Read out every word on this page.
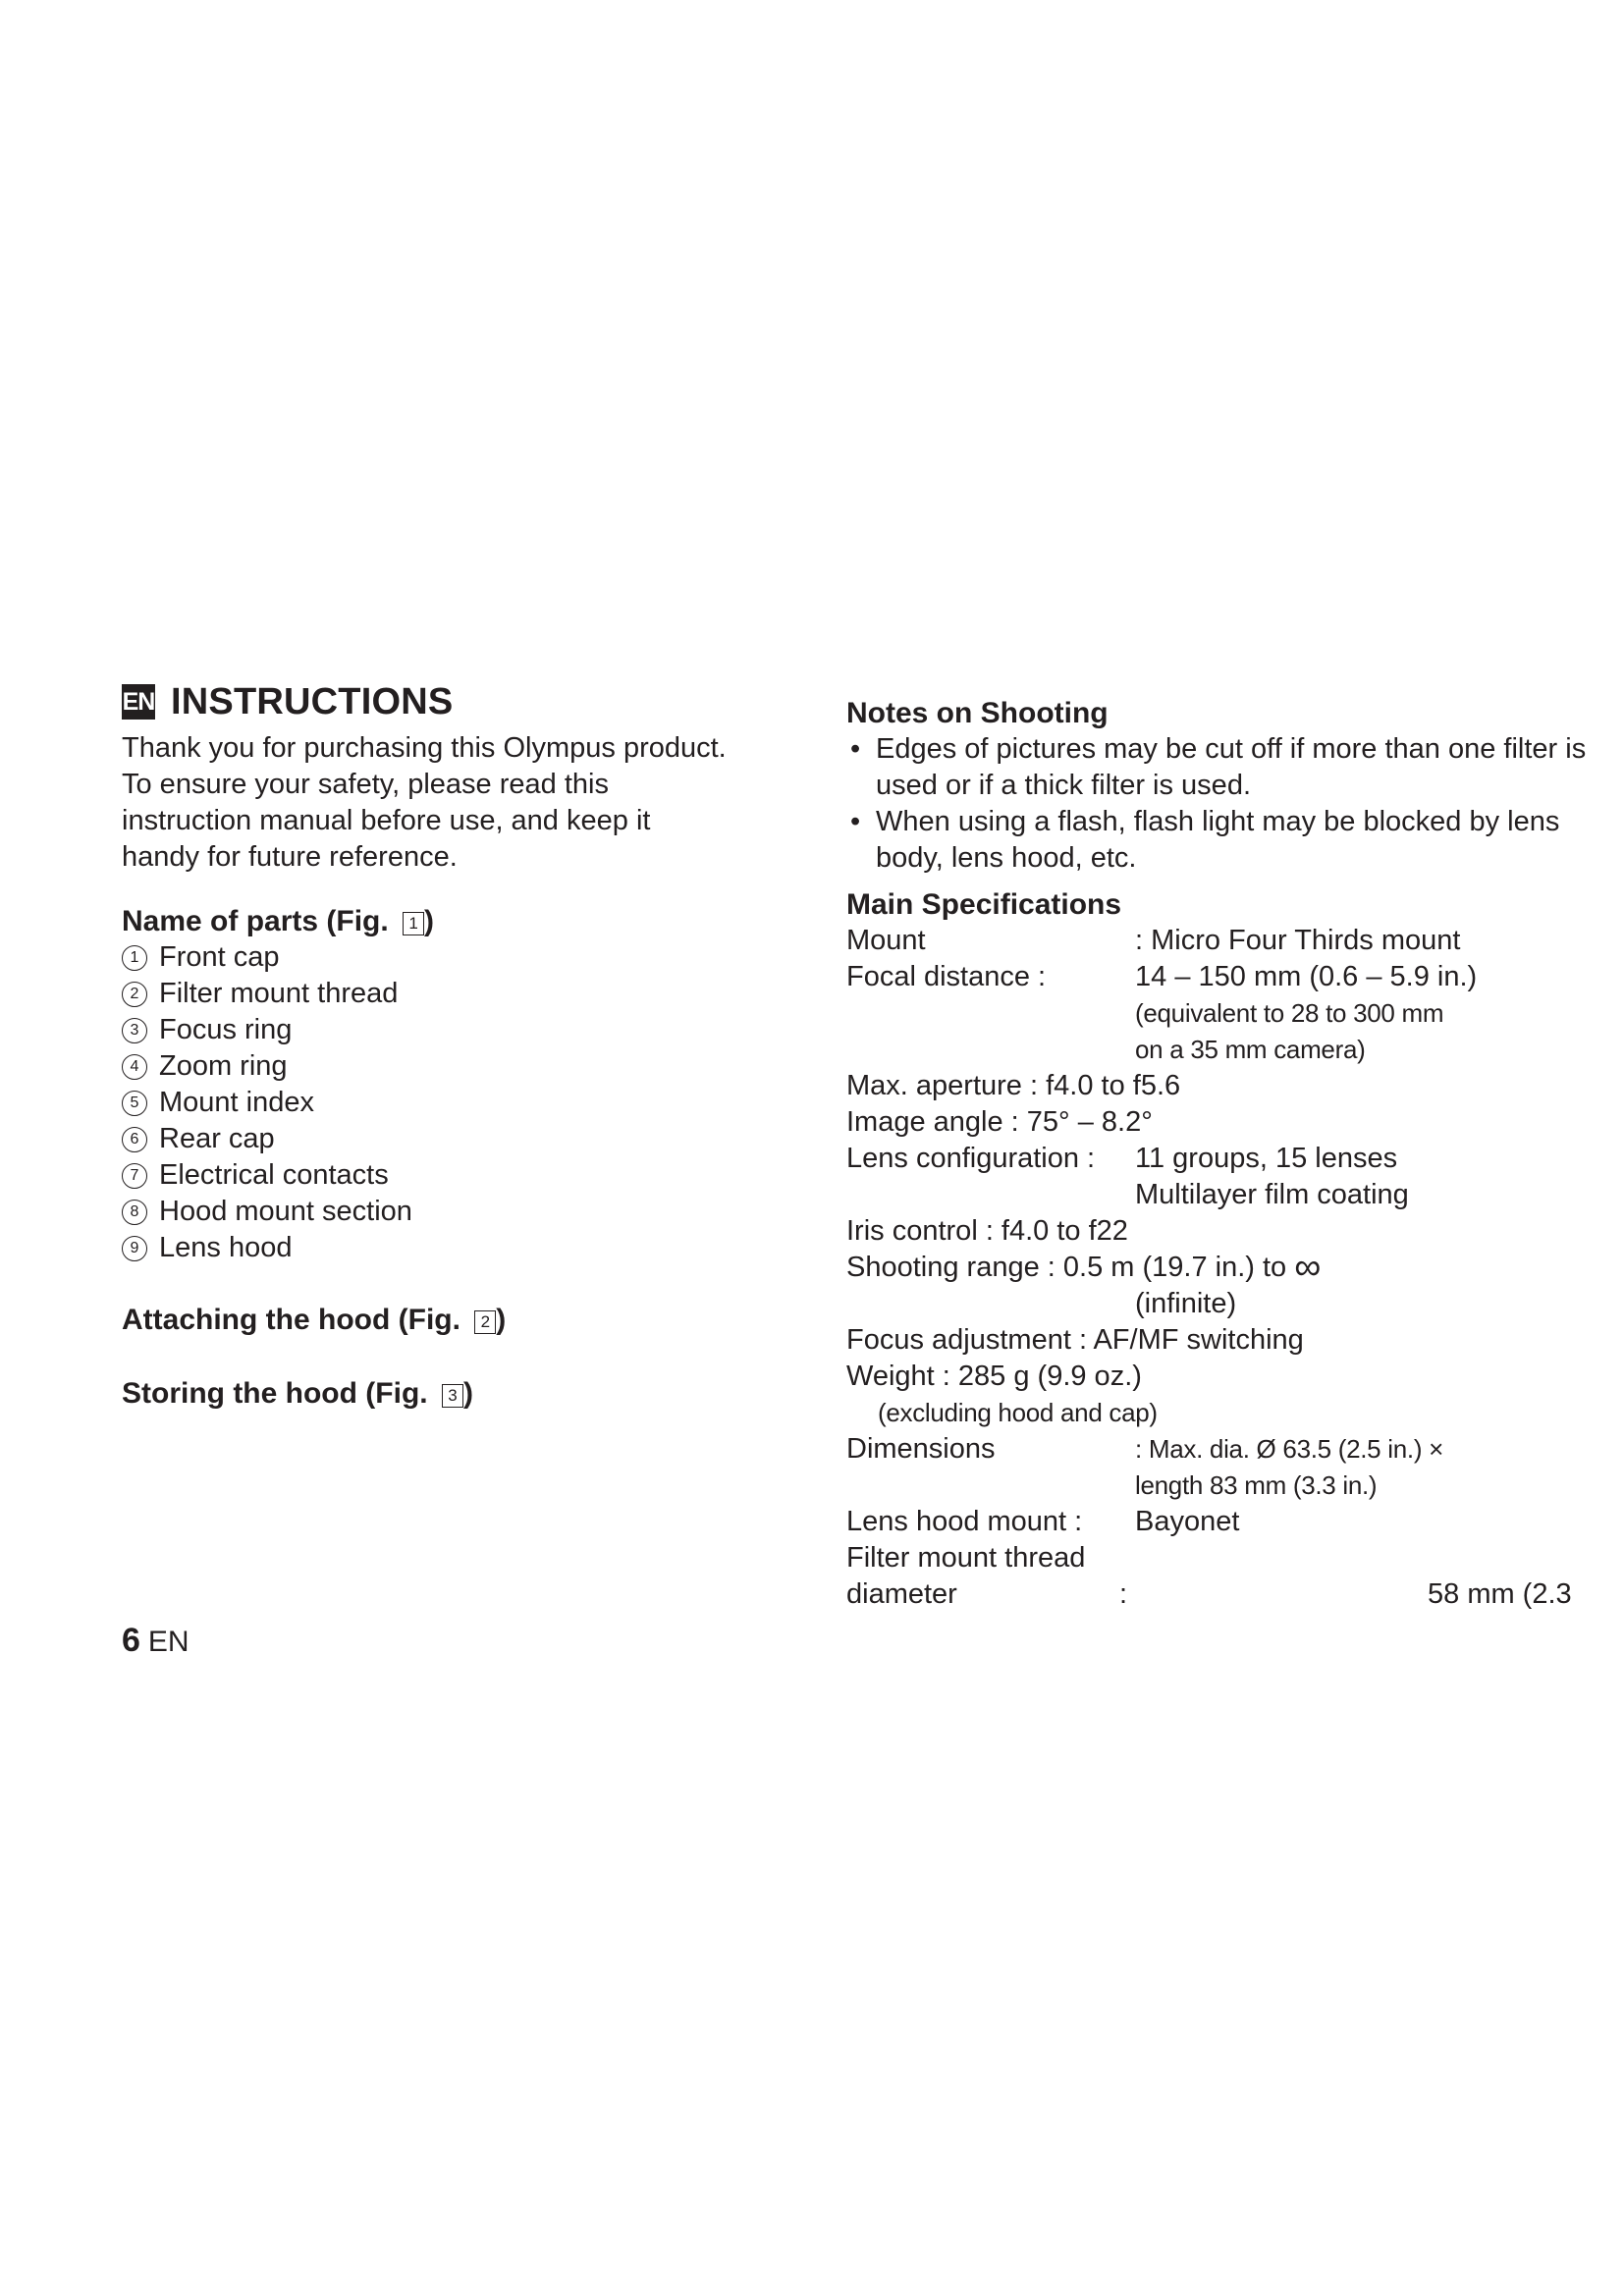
EN INSTRUCTIONS

Thank you for purchasing this Olympus product.

To ensure your safety, please read this

instruction manual before use, and keep it

handy for future reference.

Name of parts (Fig. 1 )
1 Front cap
2 Filter mount thread
3 Focus ring
4 Zoom ring
5 Mount index
6 Rear cap
7 Electrical contacts
8 Hood mount section
9 Lens hood
Attaching the hood (Fig. 2 )
Storing the hood (Fig. 3 )
Notes on Shooting
• Edges of pictures may be cut off if more than one filter is used or if a thick filter is used.
• When using a flash, flash light may be blocked by lens body, lens hood, etc.
Main Specifications
Mount	: Micro Four Thirds mount
Focal distance :	14 – 150 mm (0.6 – 5.9 in.)
(equivalent to 28 to 300 mm
on a 35 mm camera)
Max. aperture : f4.0 to f5.6
Image angle : 75° – 8.2°
Lens configuration :	11 groups, 15 lenses
Multilayer film coating
Iris control : f4.0 to f22
Shooting range : 0.5 m (19.7 in.) to ∞
(infinite)
Focus adjustment : AF/MF switching
Weight : 285 g (9.9 oz.)
(excluding hood and cap)
Dimensions	: Max. dia. Ø 63.5 (2.5 in.) ×
length 83 mm (3.3 in.)
Lens hood mount :	Bayonet
Filter mount thread
diameter	:	58 mm (2.3
6 EN
